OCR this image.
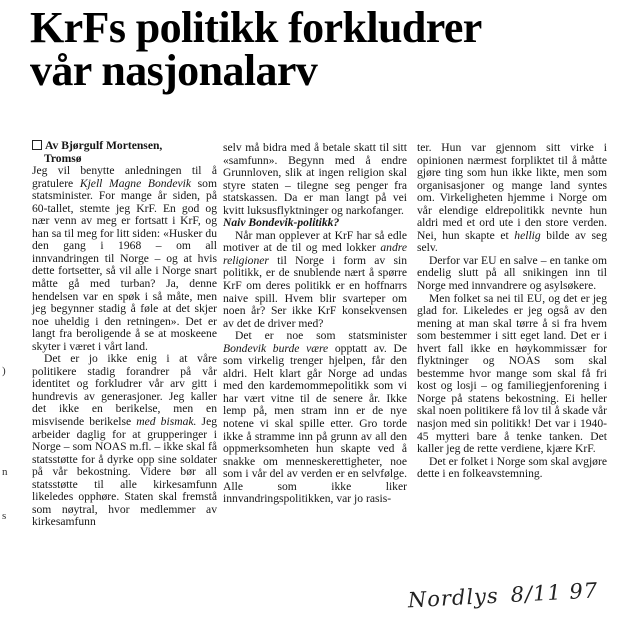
KrFs politikk forkludrer
vår nasjonalarv
)
n
s
Av Bjørgulf Mortensen,
Tromsø

Jeg vil benytte anledningen til å gratulere Kjell Magne Bondevik som statsminister. For mange år siden, på 60-tallet, stemte jeg KrF. En god og nær venn av meg er fortsatt i KrF, og han sa til meg for litt siden: «Husker du den gang i 1968 – om all innvandringen til Norge – og at hvis dette fortsetter, så vil alle i Norge snart måtte gå med turban? Ja, denne hendelsen var en spøk i så måte, men jeg begynner stadig å føle at det skjer noe uheldig i den retningen». Det er langt fra beroligende å se at moskeene skyter i været i vårt land.

Det er jo ikke enig i at våre politikere stadig forandrer på vår identitet og forkludrer vår arv gitt i hundrevis av generasjoner. Jeg kaller det ikke en berikelse, men en misvisende berikelse med bismak. Jeg arbeider daglig for at grupperinger i Norge – som NOAS m.fl. – ikke skal få statsstøtte for å dyrke opp sine soldater på vår bekostning. Videre bør all statsstøtte til alle kirkesamfunn likeledes opphøre. Staten skal fremstå som nøytral, hvor medlemmer av kirkesamfunn

selv må bidra med å betale skatt til sitt «samfunn». Begynn med å endre Grunnloven, slik at ingen religion skal styre staten – tilegne seg penger fra statskassen. Da er man langt på vei kvitt luksusflyktninger og narkofanger.

Naiv Bondevik-politikk?

Når man opplever at KrF har så edle motiver at de til og med lokker andre religioner til Norge i form av sin politikk, er de snublende nært å spørre KrF om deres politikk er en hoffnarrs naive spill. Hvem blir svarteper om noen år? Ser ikke KrF konsekvensen av det de driver med?

Det er noe som statsminister Bondevik burde være opptatt av. De som virkelig trenger hjelpen, får den aldri. Helt klart går Norge ad undas med den kardemommepolitikk som vi har vært vitne til de senere år. Ikke lemp på, men stram inn er de nye notene vi skal spille etter. Gro torde ikke å stramme inn på grunn av all den oppmerksomheten hun skapte ved å snakke om menneskerettigheter, noe som i vår del av verden er en selvfølge. Alle som ikke liker innvandringspolitikken, var jo rasis-

ter. Hun var gjennom sitt virke i opinionen nærmest forpliktet til å måtte gjøre ting som hun ikke likte, men som organisasjoner og mange land syntes om. Virkeligheten hjemme i Norge om vår elendige eldrepolitikk nevnte hun aldri med et ord ute i den store verden. Nei, hun skapte et hellig bilde av seg selv.

Derfor var EU en salve – en tanke om endelig slutt på all snikingen inn til Norge med innvandrere og asylsøkere.

Men folket sa nei til EU, og det er jeg glad for. Likeledes er jeg også av den mening at man skal tørre å si fra hvem som bestemmer i sitt eget land. Det er i hvert fall ikke en høykommissær for flyktninger og NOAS som skal bestemme hvor mange som skal få fri kost og losji – og familiegjenforening i Norge på statens bekostning. Ei heller skal noen politikere få lov til å skade vår nasjon med sin politikk! Det var i 1940-45 mytteri bare å tenke tanken. Det kaller jeg de rette verdiene, kjære KrF.

Det er folket i Norge som skal avgjøre dette i en folkeavstemning.

Nordlys 8/11 97
